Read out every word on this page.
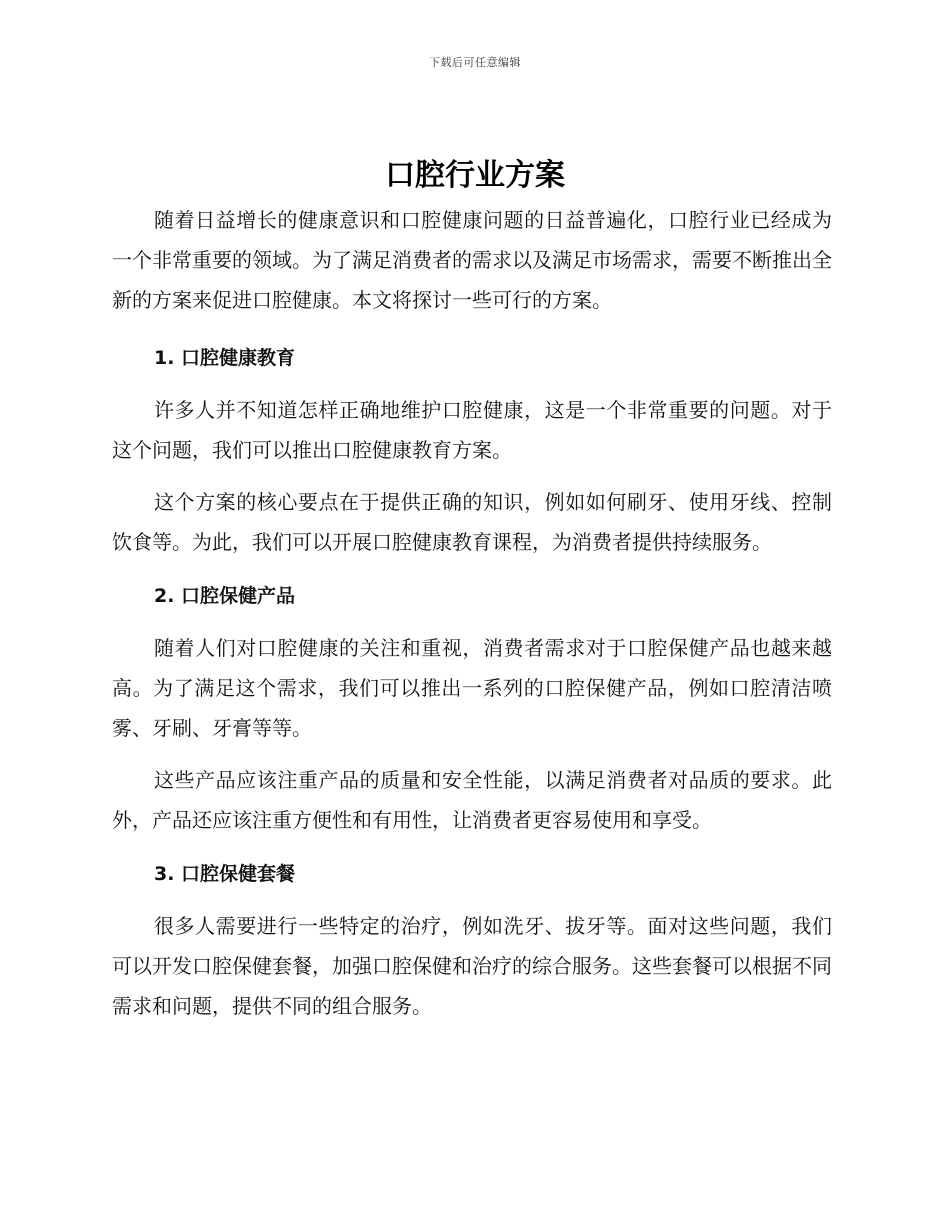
下载后可任意编辑
口腔行业方案

随着日益增长的健康意识和口腔健康问题的日益普遍化，口腔行业已经成为一个非常重要的领域。为了满足消费者的需求以及满足市场需求，需要不断推出全新的方案来促进口腔健康。本文将探讨一些可行的方案。

1. 口腔健康教育

许多人并不知道怎样正确地维护口腔健康，这是一个非常重要的问题。对于这个问题，我们可以推出口腔健康教育方案。

这个方案的核心要点在于提供正确的知识，例如如何刷牙、使用牙线、控制饮食等。为此，我们可以开展口腔健康教育课程，为消费者提供持续服务。

2. 口腔保健产品

随着人们对口腔健康的关注和重视，消费者需求对于口腔保健产品也越来越高。为了满足这个需求，我们可以推出一系列的口腔保健产品，例如口腔清洁喷雾、牙刷、牙膏等等。

这些产品应该注重产品的质量和安全性能，以满足消费者对品质的要求。此外，产品还应该注重方便性和有用性，让消费者更容易使用和享受。

3. 口腔保健套餐

很多人需要进行一些特定的治疗，例如洗牙、拔牙等。面对这些问题，我们可以开发口腔保健套餐，加强口腔保健和治疗的综合服务。这些套餐可以根据不同需求和问题，提供不同的组合服务。
